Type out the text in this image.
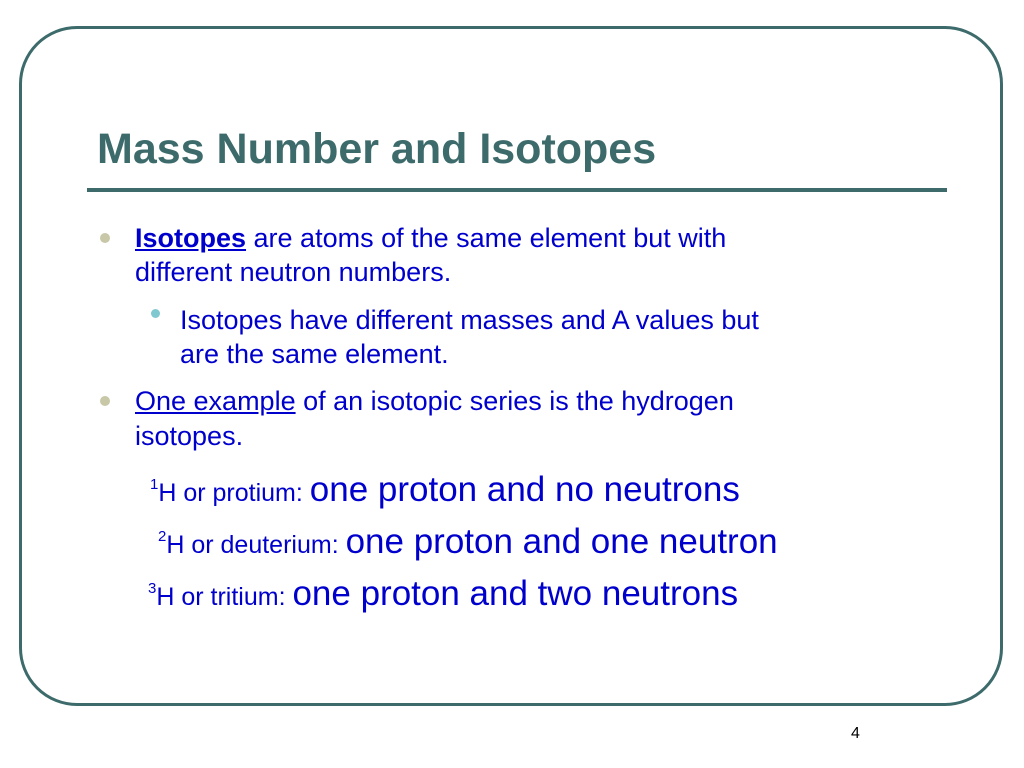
Mass Number and Isotopes
Isotopes are atoms of the same element but with
different neutron numbers.
Isotopes have different masses and A values but
are the same element.
One example of an isotopic series is the hydrogen
isotopes.
1H or protium: one proton and no neutrons
2H or deuterium: one proton and one neutron
3H or tritium: one proton and two neutrons
4
